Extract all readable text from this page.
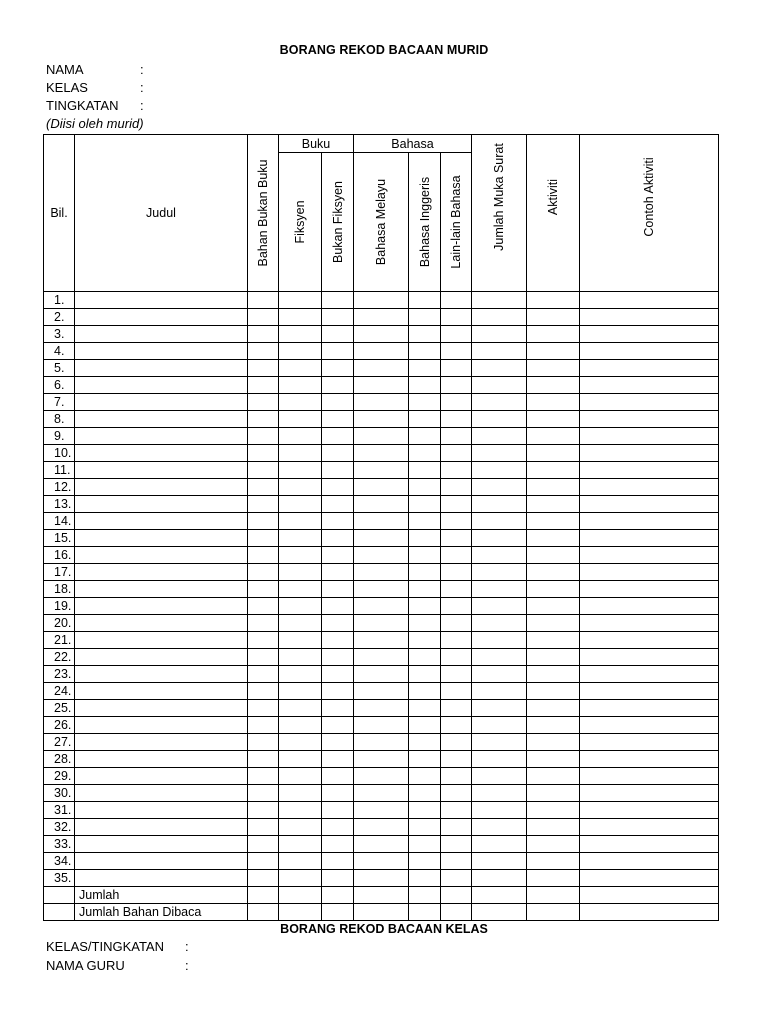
BORANG REKOD BACAAN MURID
NAMA	:
KELAS	:
TINGKATAN :
(Diisi oleh murid)
Bil.	Judul	Bahan Bukan Buku	Buku		Bahasa			Jumlah Muka Surat	Aktiviti	Contoh Aktiviti

			Fiksyen	Bukan Fiksyen	Bahasa Melayu	Bahasa Inggeris	Lain-lain Bahasa			

1.										
2.										
3.										
4.										
5.										
6.										
7.										
8.										
9.										
10.										
11.										
12.										
13.										
14.										
15.										
16.										
17.										
18.										
19.										
20.										
21.										
22.										
23.										
24.										
25.										
26.										
27.										
28.										
29.										
30.										
31.										
32.										
33.										
34.										
35.										
	Jumlah									
	Jumlah Bahan Dibaca									
BORANG REKOD BACAAN KELAS
KELAS/TINGKATAN :
NAMA GURU	:
